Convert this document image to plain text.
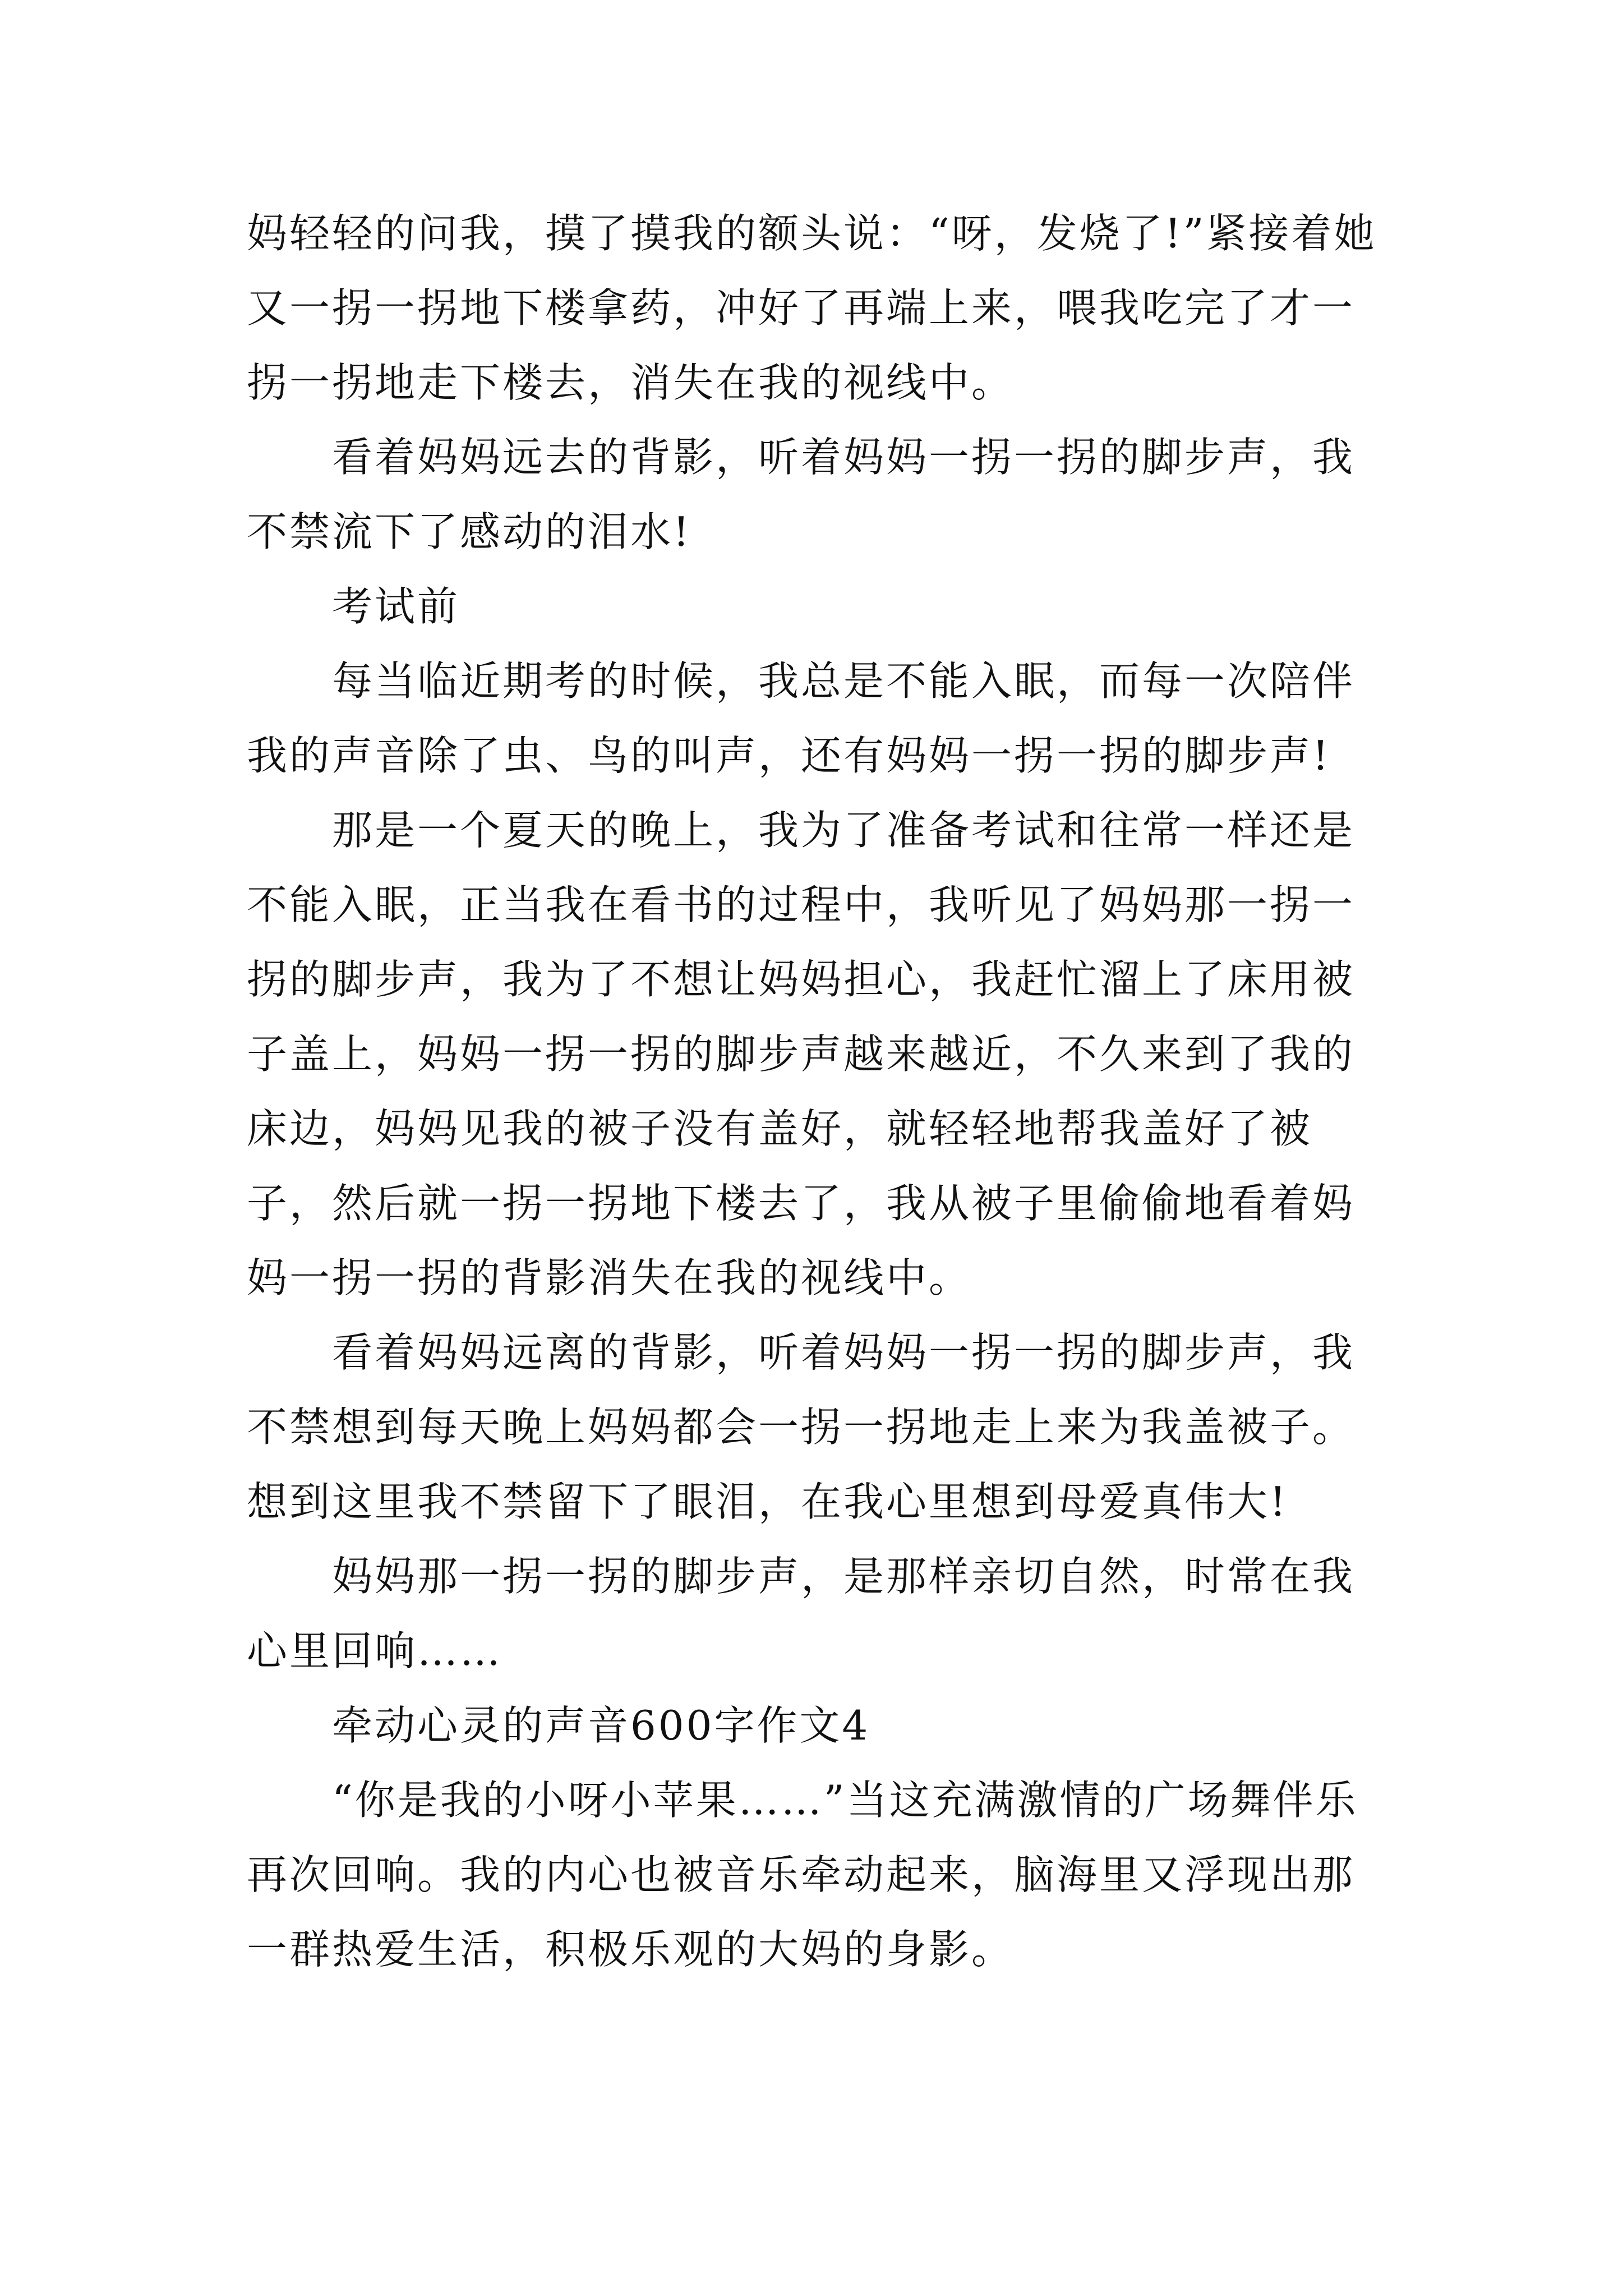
妈轻轻的问我，摸了摸我的额头说：“呀，发烧了!”紧接着她又一拐一拐地下楼拿药，冲好了再端上来，喂我吃完了才一拐一拐地走下楼去，消失在我的视线中。

看着妈妈远去的背影，听着妈妈一拐一拐的脚步声，我不禁流下了感动的泪水!

考试前

每当临近期考的时候，我总是不能入眠，而每一次陪伴我的声音除了虫、鸟的叫声，还有妈妈一拐一拐的脚步声!

那是一个夏天的晚上，我为了准备考试和往常一样还是不能入眠，正当我在看书的过程中，我听见了妈妈那一拐一拐的脚步声，我为了不想让妈妈担心，我赶忙溜上了床用被子盖上，妈妈一拐一拐的脚步声越来越近，不久来到了我的床边，妈妈见我的被子没有盖好，就轻轻地帮我盖好了被子，然后就一拐一拐地下楼去了，我从被子里偷偷地看着妈妈一拐一拐的背影消失在我的视线中。

看着妈妈远离的背影，听着妈妈一拐一拐的脚步声，我不禁想到每天晚上妈妈都会一拐一拐地走上来为我盖被子。想到这里我不禁留下了眼泪，在我心里想到母爱真伟大!

妈妈那一拐一拐的脚步声，是那样亲切自然，时常在我心里回响……

牵动心灵的声音600字作文4

“你是我的小呀小苹果……”当这充满激情的广场舞伴乐再次回响。我的内心也被音乐牵动起来，脑海里又浮现出那一群热爱生活，积极乐观的大妈的身影。
